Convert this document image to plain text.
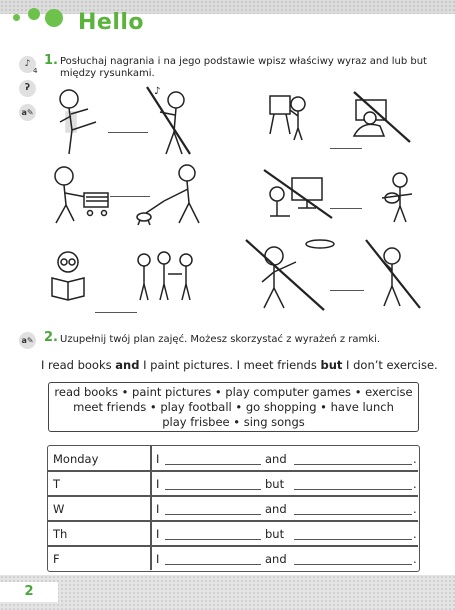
Hello
♪
4
ʔ
a✎
1. Posłuchaj nagrania i na jego podstawie wpisz właściwy wyraz and lub but
między rysunkami.
♪
a✎ 2. Uzupełnij twój plan zajęć. Możesz skorzystać z wyrażeń z ramki.
I read books and I paint pictures. I meet friends but I don’t exercise.
read books • paint pictures • play computer games • exercise
meet friends • play football • go shopping • have lunch
play frisbee • sing songs
Monday	I	and	.
T	I	but	.
W	I	and	.
Th	I	but	.
F	I	and	.
2
